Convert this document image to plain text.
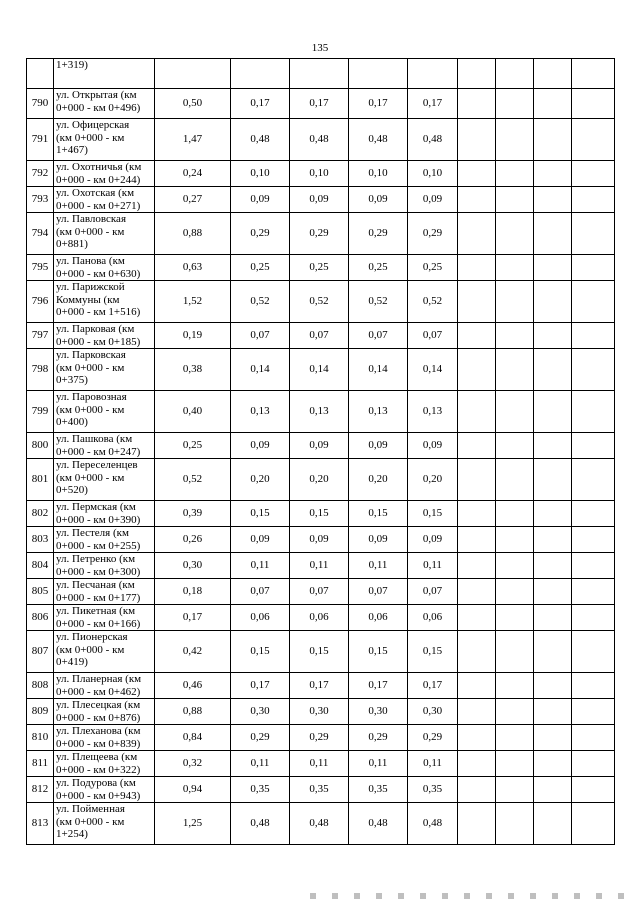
135
	1+319)									
790	ул. Открытая (км
0+000 - км 0+496)	0,50	0,17	0,17	0,17	0,17				
791	ул. Офицерская
(км 0+000 - км
1+467)	1,47	0,48	0,48	0,48	0,48				
792	ул. Охотничья (км
0+000 - км 0+244)	0,24	0,10	0,10	0,10	0,10				
793	ул. Охотская (км
0+000 - км 0+271)	0,27	0,09	0,09	0,09	0,09				
794	ул. Павловская
(км 0+000 - км
0+881)	0,88	0,29	0,29	0,29	0,29				
795	ул. Панова (км
0+000 - км 0+630)	0,63	0,25	0,25	0,25	0,25				
796	ул. Парижской
Коммуны (км
0+000 - км 1+516)	1,52	0,52	0,52	0,52	0,52				
797	ул. Парковая (км
0+000 - км 0+185)	0,19	0,07	0,07	0,07	0,07				
798	ул. Парковская
(км 0+000 - км
0+375)	0,38	0,14	0,14	0,14	0,14				
799	ул. Паровозная
(км 0+000 - км
0+400)	0,40	0,13	0,13	0,13	0,13				
800	ул. Пашкова (км
0+000 - км 0+247)	0,25	0,09	0,09	0,09	0,09				
801	ул. Переселенцев
(км 0+000 - км
0+520)	0,52	0,20	0,20	0,20	0,20				
802	ул. Пермская (км
0+000 - км 0+390)	0,39	0,15	0,15	0,15	0,15				
803	ул. Пестеля (км
0+000 - км 0+255)	0,26	0,09	0,09	0,09	0,09				
804	ул. Петренко (км
0+000 - км 0+300)	0,30	0,11	0,11	0,11	0,11				
805	ул. Песчаная (км
0+000 - км 0+177)	0,18	0,07	0,07	0,07	0,07				
806	ул. Пикетная (км
0+000 - км 0+166)	0,17	0,06	0,06	0,06	0,06				
807	ул. Пионерская
(км 0+000 - км
0+419)	0,42	0,15	0,15	0,15	0,15				
808	ул. Планерная (км
0+000 - км 0+462)	0,46	0,17	0,17	0,17	0,17				
809	ул. Плесецкая (км
0+000 - км 0+876)	0,88	0,30	0,30	0,30	0,30				
810	ул. Плеханова (км
0+000 - км 0+839)	0,84	0,29	0,29	0,29	0,29				
811	ул. Плещеева (км
0+000 - км 0+322)	0,32	0,11	0,11	0,11	0,11				
812	ул. Подурова (км
0+000 - км 0+943)	0,94	0,35	0,35	0,35	0,35				
813	ул. Пойменная
(км 0+000 - км
1+254)	1,25	0,48	0,48	0,48	0,48				
